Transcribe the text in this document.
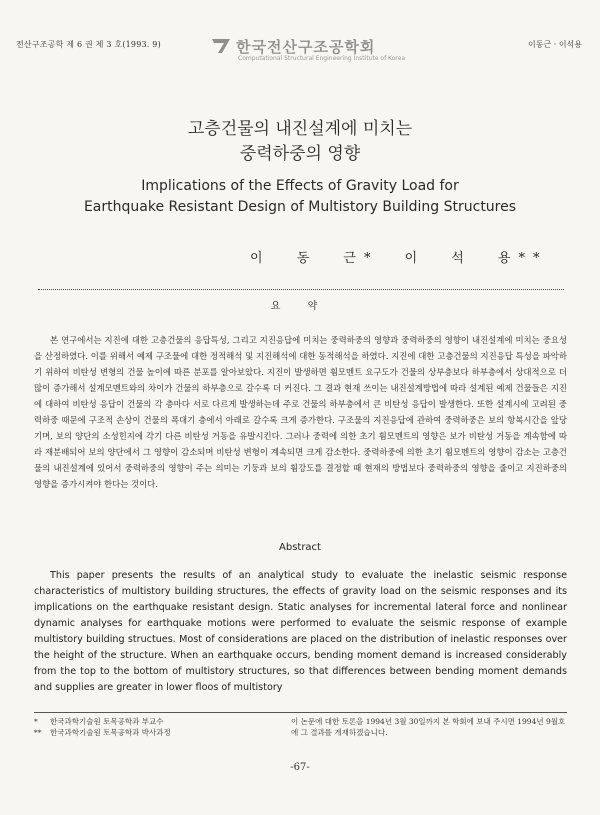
전산구조공학 제 6 권 제 3 호(1993. 9)	이동근 · 이석용
한국전산구조공학회
Computational Structural Engineering Institute of Korea
고층건물의 내진설계에 미치는
중력하중의 영향
Implications of the Effects of Gravity Load for
Earthquake Resistant Design of Multistory Building Structures
이 동 근* 이 석 용**
요 약
본 연구에서는 지진에 대한 고층건물의 응답특성, 그리고 지진응답에 미치는 중력하중의 영향과 중력하중의 영향이 내진설계에 미치는 중요성을 산정하였다. 이를 위해서 예제 구조물에 대한 정적해석 및 지진해석에 대한 동적해석을 하였다. 지진에 대한 고층건물의 지진응답 특성을 파악하기 위하여 비탄성 변형의 건물 높이에 따른 분포를 알아보았다. 지진이 발생하면 휨모멘트 요구도가 건물의 상부층보다 하부층에서 상대적으로 더 많이 증가해서 설계모멘트와의 차이가 건물의 하부층으로 갈수록 더 커진다. 그 결과 현재 쓰이는 내진설계방법에 따라 설계된 예제 건물들은 지진에 대하여 비탄성 응답이 건물의 각 층마다 서로 다르게 발생하는데 주로 건물의 하부층에서 큰 비탄성 응답이 발생한다. 또한 설계시에 고려된 중력하중 때문에 구조적 손상이 건물의 폭대기 층에서 아래로 갈수록 크게 증가한다. 구조물의 지진응답에 관하여 중력하중은 보의 항복시간을 앞당기며, 보의 양단의 소성힌지에 각기 다른 비탄성 거동을 유발시킨다. 그러나 중력에 의한 초기 휨모멘트의 영향은 보가 비탄성 거동을 계속함에 따라 재분배되어 보의 양단에서 그 영향이 감소되며 비탄성 변형이 계속되면 크게 감소한다. 중력하중에 의한 초기 휨모멘트의 영향이 감소는 고층건물의 내진설계에 있어서 중력하중의 영향이 주는 의미는 기둥과 보의 휨강도를 결정할 때 현재의 방법보다 중력하중의 영향을 줄이고 지진하중의 영향을 증가시켜야 한다는 것이다.
Abstract
This paper presents the results of an analytical study to evaluate the inelastic seismic response characteristics of multistory building structures, the effects of gravity load on the seismic responses and its implications on the earthquake resistant design. Static analyses for incremental lateral force and nonlinear dynamic analyses for earthquake motions were performed to evaluate the seismic response of example multistory building structues. Most of considerations are placed on the distribution of inelastic responses over the height of the structure. When an earthquake occurs, bending moment demand is increased considerably from the top to the bottom of multistory structures, so that differences between bending moment demands and supplies are greater in lower floos of multistory
* 한국과학기술원 토목공학과 부교수
** 한국과학기술원 토목공학과 박사과정
이 논문에 대한 토론을 1994년 3월 30일까지 본 학회에 보내 주시면 1994년 9월호에 그 결과를 게재하겠습니다.
-67-
